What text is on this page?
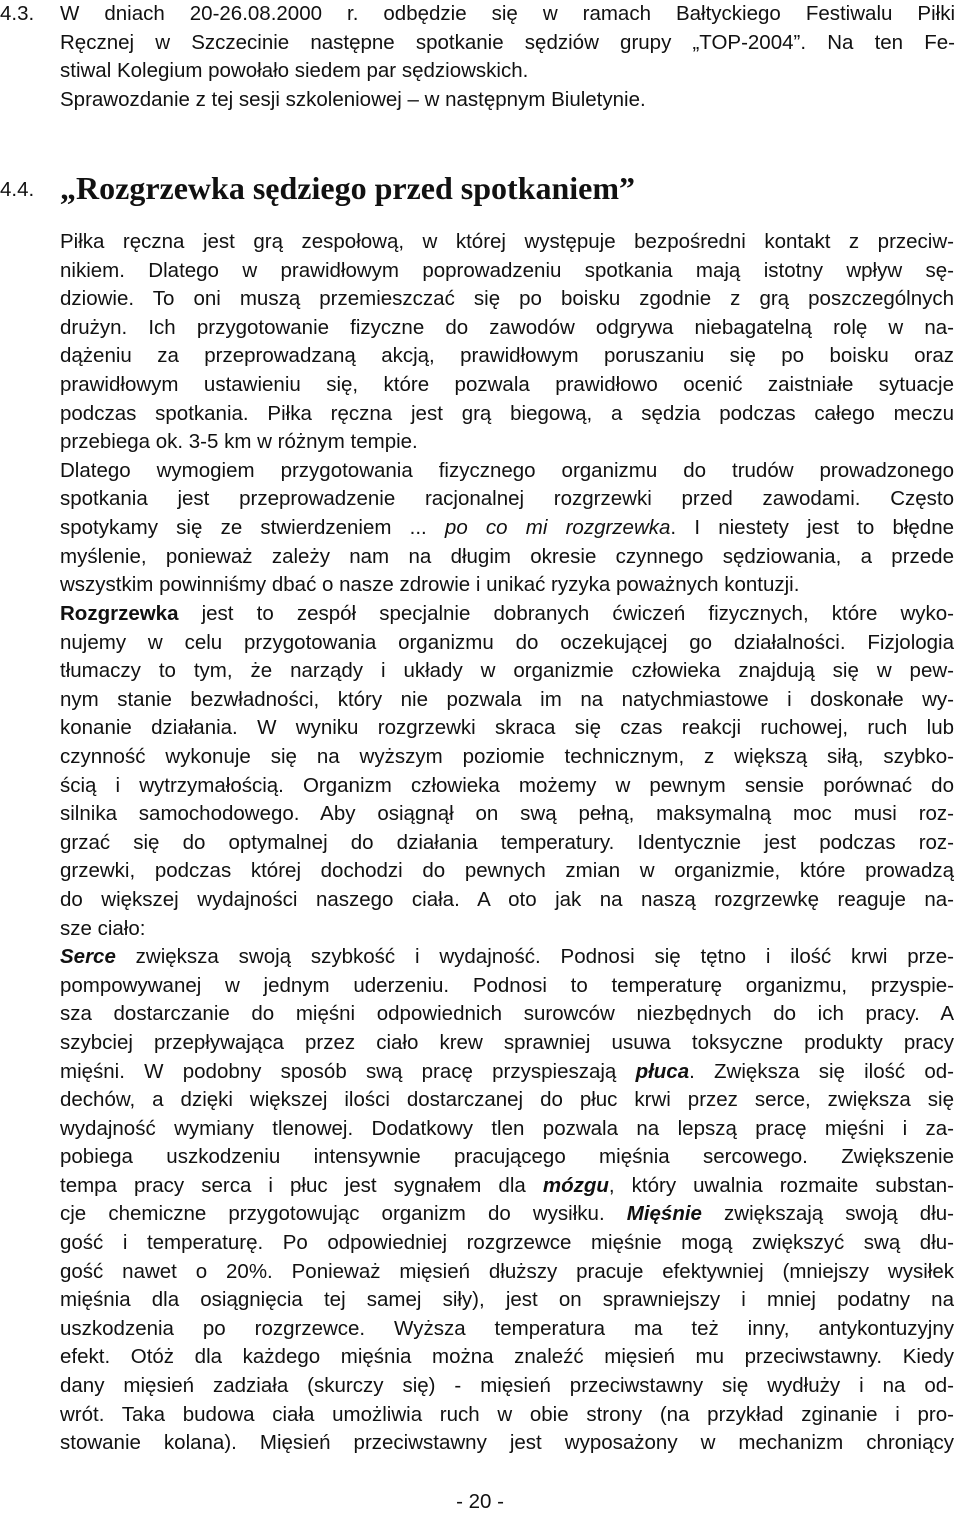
4.3. W dniach 20-26.08.2000 r. odbędzie się w ramach Bałtyckiego Festiwalu Piłki
Ręcznej w Szczecinie następne spotkanie sędziów grupy „TOP-2004”. Na ten Fe-
stiwal Kolegium powołało siedem par sędziowskich.
Sprawozdanie z tej sesji szkoleniowej – w następnym Biuletynie.
4.4. „Rozgrzewka sędziego przed spotkaniem”
Piłka ręczna jest grą zespołową, w której występuje bezpośredni kontakt z przeciw-
nikiem. Dlatego w prawidłowym poprowadzeniu spotkania mają istotny wpływ sę-
dziowie. To oni muszą przemieszczać się po boisku zgodnie z grą poszczególnych
drużyn. Ich przygotowanie fizyczne do zawodów odgrywa niebagatelną rolę w na-
dążeniu za przeprowadzaną akcją, prawidłowym poruszaniu się po boisku oraz
prawidłowym ustawieniu się, które pozwala prawidłowo ocenić zaistniałe sytuacje
podczas spotkania. Piłka ręczna jest grą biegową, a sędzia podczas całego meczu
przebiega ok. 3-5 km w różnym tempie.
Dlatego wymogiem przygotowania fizycznego organizmu do trudów prowadzonego
spotkania jest przeprowadzenie racjonalnej rozgrzewki przed zawodami. Często
spotykamy się ze stwierdzeniem ... po co mi rozgrzewka. I niestety jest to błędne
myślenie, ponieważ zależy nam na długim okresie czynnego sędziowania, a przede
wszystkim powinniśmy dbać o nasze zdrowie i unikać ryzyka poważnych kontuzji.
Rozgrzewka jest to zespół specjalnie dobranych ćwiczeń fizycznych, które wyko-
nujemy w celu przygotowania organizmu do oczekującej go działalności. Fizjologia
tłumaczy to tym, że narządy i układy w organizmie człowieka znajdują się w pew-
nym stanie bezwładności, który nie pozwala im na natychmiastowe i doskonałe wy-
konanie działania. W wyniku rozgrzewki skraca się czas reakcji ruchowej, ruch lub
czynność wykonuje się na wyższym poziomie technicznym, z większą siłą, szybko-
ścią i wytrzymałością. Organizm człowieka możemy w pewnym sensie porównać do
silnika samochodowego. Aby osiągnął on swą pełną, maksymalną moc musi roz-
grzać się do optymalnej do działania temperatury. Identycznie jest podczas roz-
grzewki, podczas której dochodzi do pewnych zmian w organizmie, które prowadzą
do większej wydajności naszego ciała. A oto jak na naszą rozgrzewkę reaguje na-
sze ciało:
Serce zwiększa swoją szybkość i wydajność. Podnosi się tętno i ilość krwi prze-
pompowywanej w jednym uderzeniu. Podnosi to temperaturę organizmu, przyspie-
sza dostarczanie do mięśni odpowiednich surowców niezbędnych do ich pracy. A
szybciej przepływająca przez ciało krew sprawniej usuwa toksyczne produkty pracy
mięśni. W podobny sposób swą pracę przyspieszają płuca. Zwiększa się ilość od-
dechów, a dzięki większej ilości dostarczanej do płuc krwi przez serce, zwiększa się
wydajność wymiany tlenowej. Dodatkowy tlen pozwala na lepszą pracę mięśni i za-
pobiega uszkodzeniu intensywnie pracującego mięśnia sercowego. Zwiększenie
tempa pracy serca i płuc jest sygnałem dla mózgu, który uwalnia rozmaite substan-
cje chemiczne przygotowując organizm do wysiłku. Mięśnie zwiększają swoją dłu-
gość i temperaturę. Po odpowiedniej rozgrzewce mięśnie mogą zwiększyć swą dłu-
gość nawet o 20%. Ponieważ mięsień dłuższy pracuje efektywniej (mniejszy wysiłek
mięśnia dla osiągnięcia tej samej siły), jest on sprawniejszy i mniej podatny na
uszkodzenia po rozgrzewce. Wyższa temperatura ma też inny, antykontuzyjny
efekt. Otóż dla każdego mięśnia można znaleźć mięsień mu przeciwstawny. Kiedy
dany mięsień zadziała (skurczy się) - mięsień przeciwstawny się wydłuży i na od-
wrót. Taka budowa ciała umożliwia ruch w obie strony (na przykład zginanie i pro-
stowanie kolana). Mięsień przeciwstawny jest wyposażony w mechanizm chroniący
- 20 -
